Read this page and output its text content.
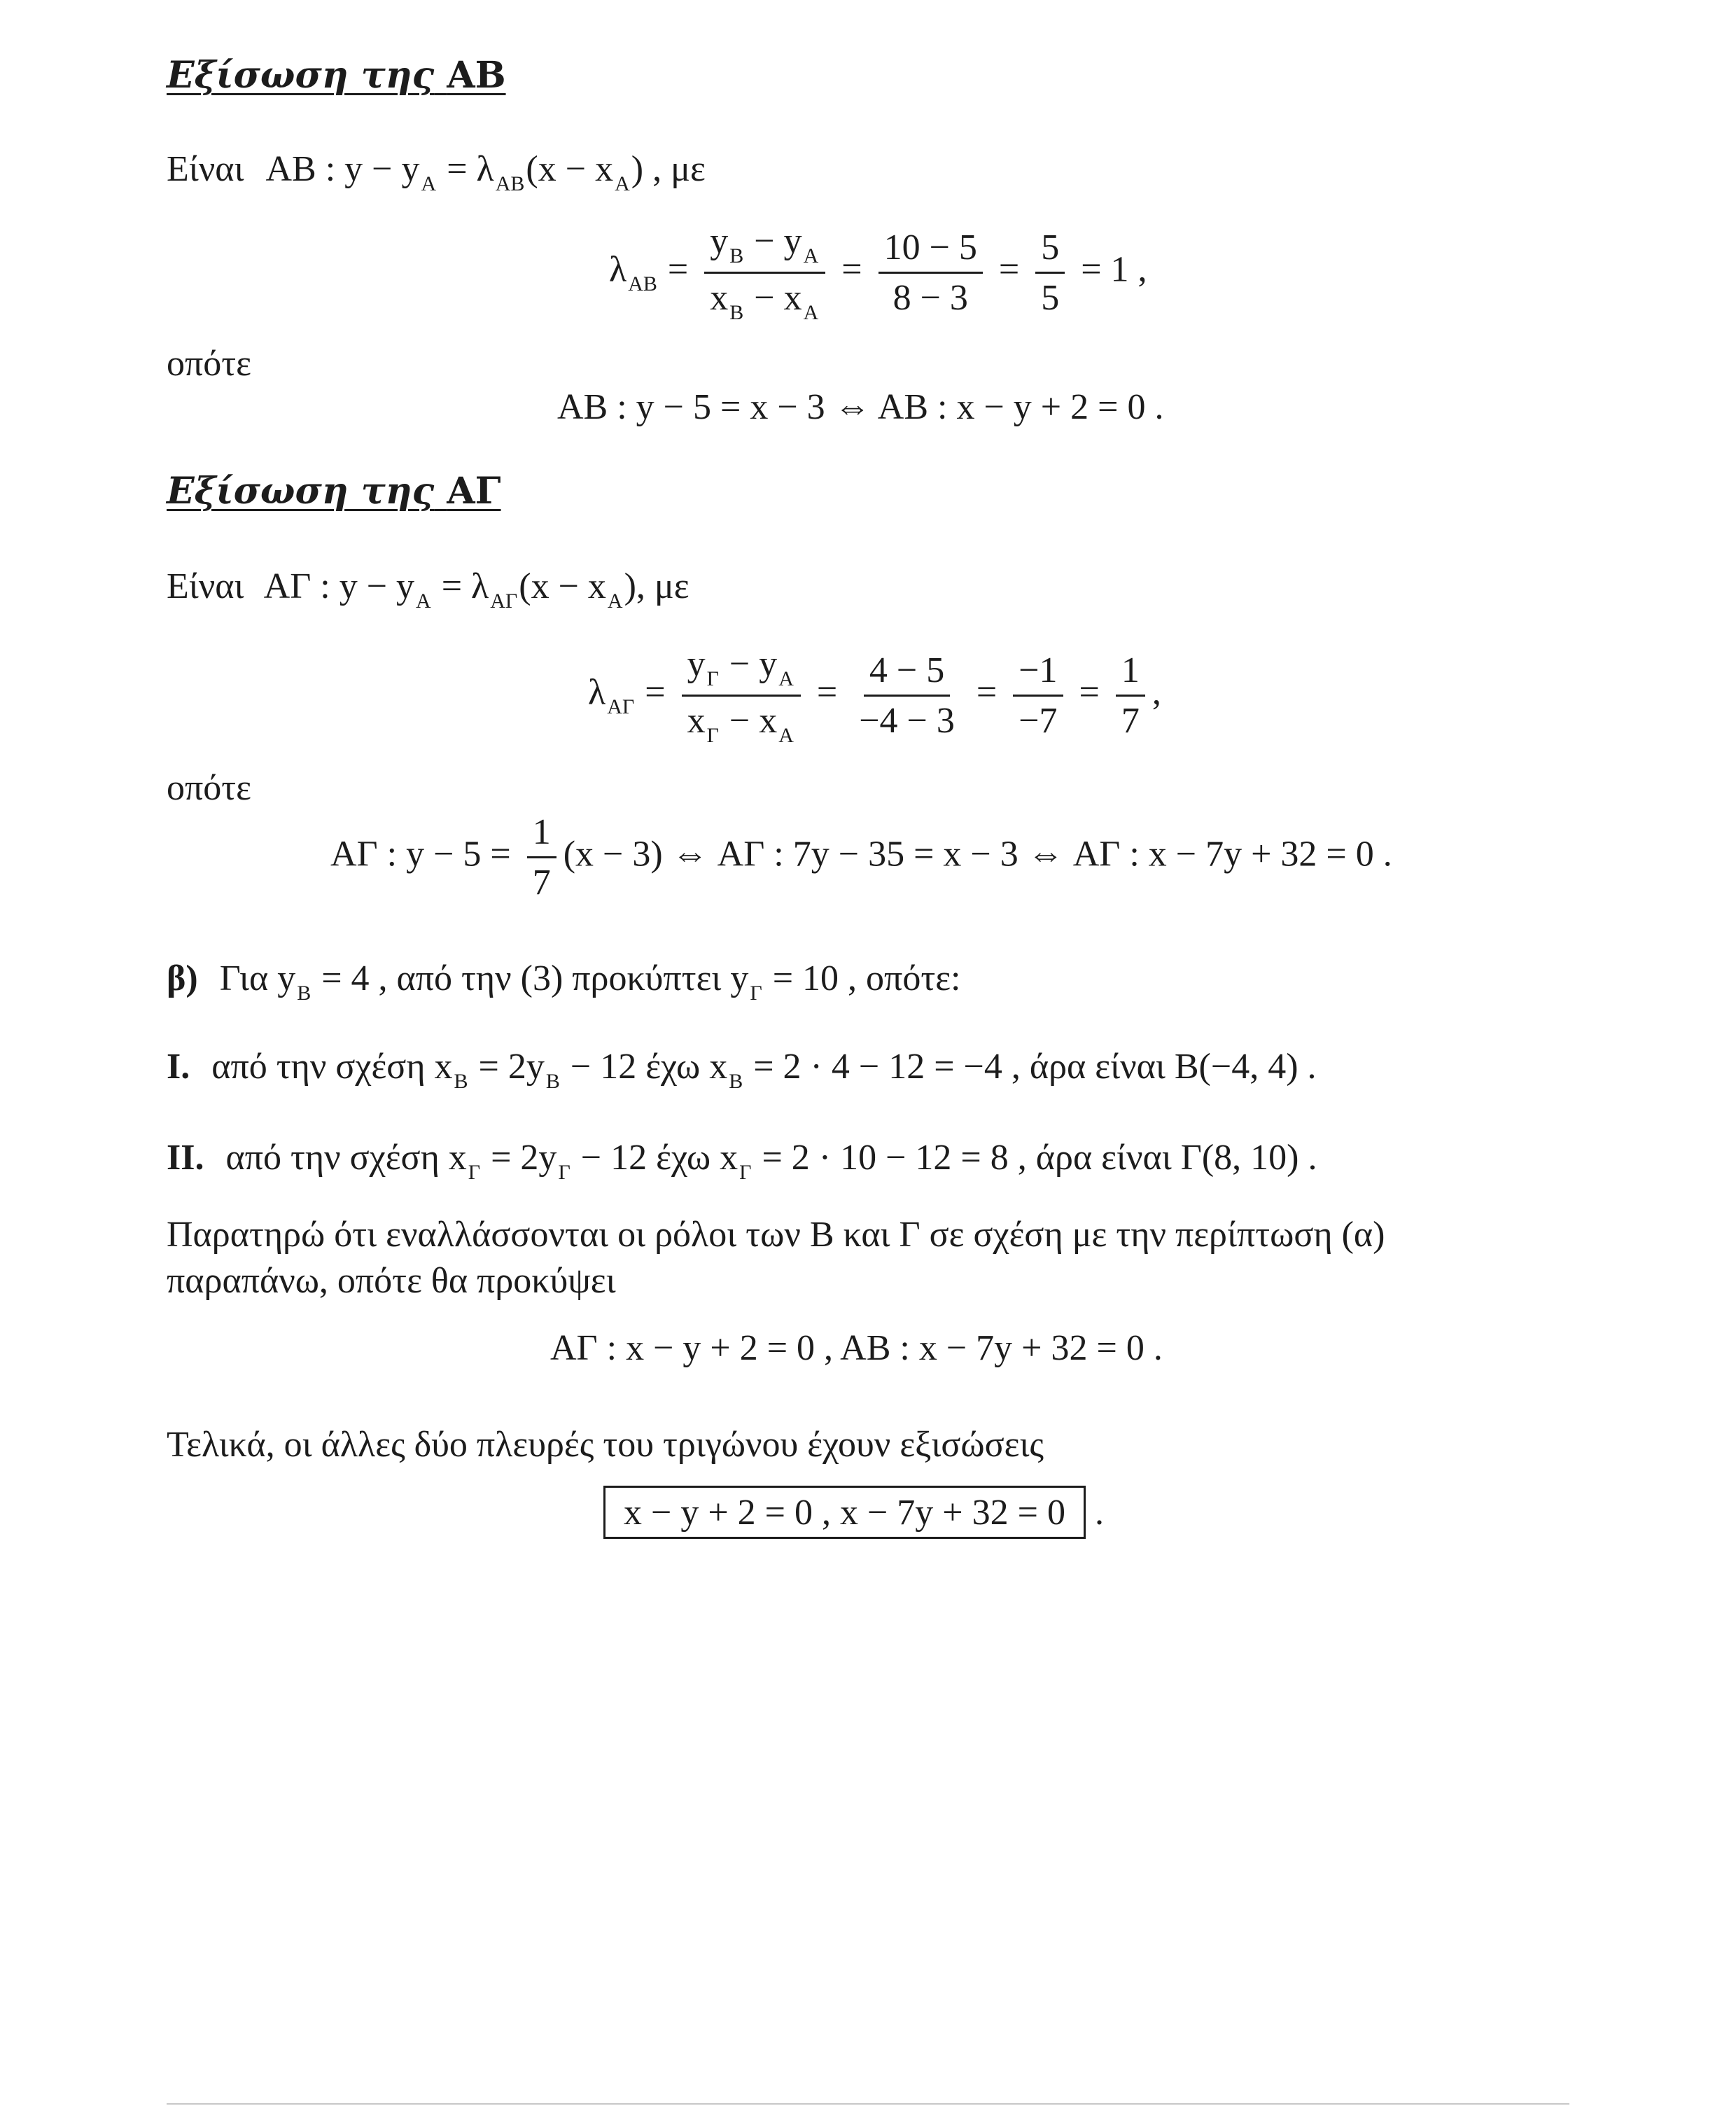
Εξίσωση της AB
Είναι AB : $y - y_A = \lambda_{AB}(x - x_A)$ , με
$\lambda_{AB} = \frac{y_B - y_A}{x_B - x_A} = \frac{10 - 5}{8 - 3} = \frac{5}{5} = 1$ ,
οπότε
AB : y − 5 = x − 3 ⇔ AB : x − y + 2 = 0 .
Εξίσωση της ΑΓ
Είναι ΑΓ : $y - y_A = \lambda_{A\Gamma}(x - x_A)$, με
$\lambda_{A\Gamma} = \frac{y_\Gamma - y_A}{x_\Gamma - x_A} = \frac{4 - 5}{-4 - 3} = \frac{-1}{-7} = \frac{1}{7}$ ,
οπότε
ΑΓ : $y - 5 = \frac{1}{7} (x - 3)$ ⇔ ΑΓ : 7y − 35 = x − 3 ⇔ ΑΓ : x − 7y + 32 = 0 .
β) Για $y_B = 4$ , από την (3) προκύπτει $y_\Gamma = 10$ , οπότε:
I. από την σχέση $x_B = 2y_B - 12$ έχω $x_B = 2 \cdot 4 - 12 = -4$ , άρα είναι B(−4, 4) .
II. από την σχέση $x_\Gamma = 2y_\Gamma - 12$ έχω $x_\Gamma = 2 \cdot 10 - 12 = 8$ , άρα είναι Γ(8, 10) .
Παρατηρώ ότι εναλλάσσονται οι ρόλοι των B και Γ σε σχέση με την περίπτωση (α)
παραπάνω, οπότε θα προκύψει
ΑΓ : x − y + 2 = 0 , AB : x − 7y + 32 = 0 .
Τελικά, οι άλλες δύο πλευρές του τριγώνου έχουν εξισώσεις
x − y + 2 = 0 , x − 7y + 32 = 0 .
